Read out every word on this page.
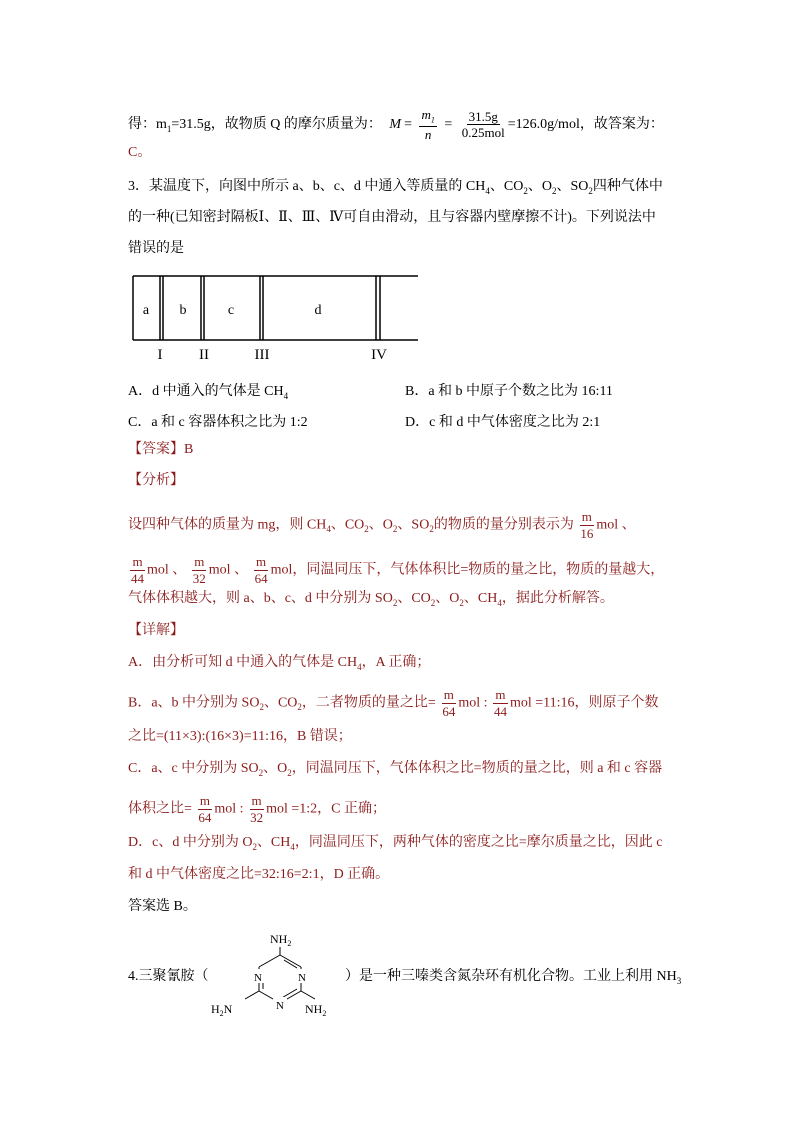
得：$m_1=31.5g$，故物质 Q 的摩尔质量为： $M = \frac{m_1}{n} = \frac{31.5g}{\text{0.25mol}} =126.0g/mol$，故答案为：
C。
3．某温度下，向图中所示 a、b、c、d 中通入等质量的 $CH_4$、$CO_2$、$O_2$、$SO_2$四种气体中
的一种(已知密封隔板Ⅰ、Ⅱ、Ⅲ、Ⅳ可自由滑动，且与容器内壁摩擦不计)。下列说法中
错误的是
a b	c	d
I II	III	IV
A．d 中通入的气体是 $CH_4$	B．a 和 b 中原子个数之比为 16:11
C．a 和 c 容器体积之比为 1:2	D．c 和 d 中气体密度之比为 2:1
【答案】B
【分析】
设四种气体的质量为 mg，则 $CH_4$、$CO_2$、$O_2$、$SO_2$的物质的量分别表示为 $\frac{m}{16}$ mol 、
$\frac{m}{44}$ mol 、 $\frac{m}{32}$ mol 、 $\frac{m}{64}$ mol，同温同压下，气体体积比=物质的量之比，物质的量越大，
气体体积越大，则 a、b、c、d 中分别为 $SO_2$、$CO_2$、$O_2$、$CH_4$，据此分析解答。
【详解】
A．由分析可知 d 中通入的气体是 $CH_4$，A 正确；
B．a、b 中分别为 $SO_2$、$CO_2$，二者物质的量之比= $\frac{m}{64}$ mol : $\frac{m}{44}$ mol =11:16，则原子个数
之比=(11×3):(16×3)=11:16，B 错误；
C．a、c 中分别为 $SO_2$、$O_2$，同温同压下，气体体积之比=物质的量之比，则 a 和 c 容器
体积之比= $\frac{m}{64}$ mol : $\frac{m}{32}$ mol =1:2，C 正确；
D．c、d 中分别为 $O_2$、$CH_4$，同温同压下，两种气体的密度之比=摩尔质量之比，因此 c
和 d 中气体密度之比=32:16=2:1，D 正确。
答案选 B。
4.三聚氰胺（	N	N
N
$NH_2$
$H_2N$	$NH_2$
）是一种三嗪类含氮杂环有机化合物。工业上利用 $NH_3$
